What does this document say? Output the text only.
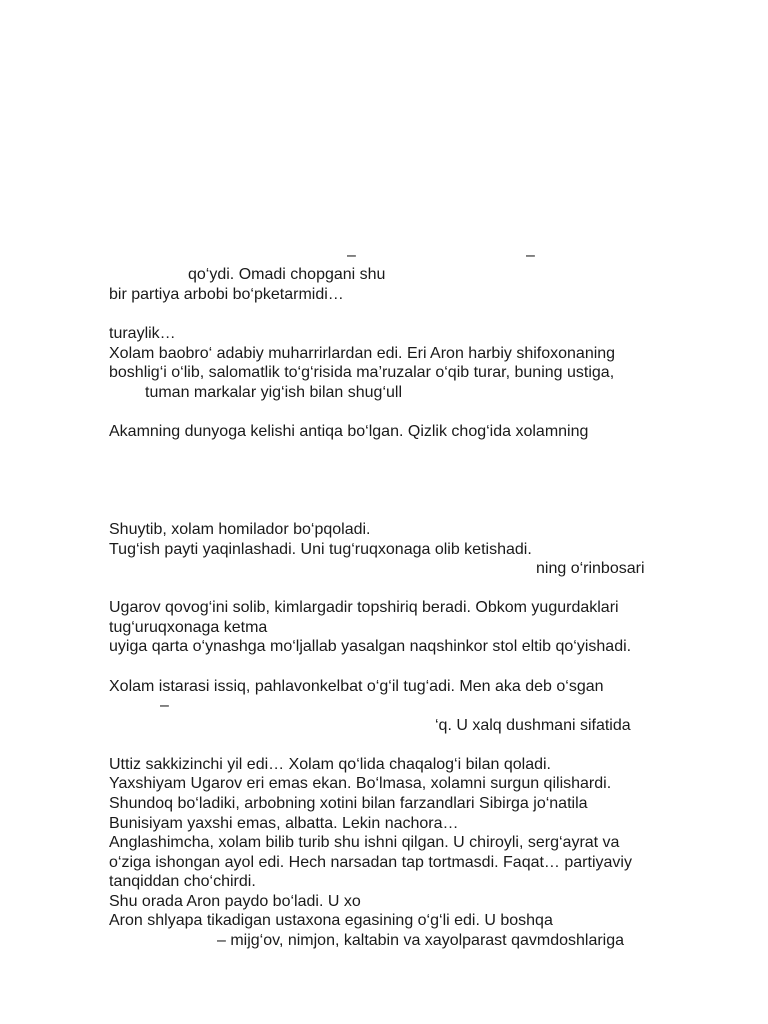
–	–
qo‘ydi. Omadi chopgani shu
bir partiya arbobi bo‘pketarmidi…
turaylik…
Xolam baobro‘ adabiy muharrirlardan edi. Eri Aron harbiy shifoxonaning
boshlig‘i o‘lib, salomatlik to‘g‘risida ma’ruzalar o‘qib turar, buning ustiga,
tuman markalar yig‘ish bilan shug‘ull
Akamning dunyoga kelishi antiqa bo‘lgan. Qizlik chog‘ida xolamning
Shuytib, xolam homilador bo‘pqoladi.
Tug‘ish payti yaqinlashadi. Uni tug‘ruqxonaga olib ketishadi.
ning o‘rinbosari
Ugarov qovog‘ini solib, kimlargadir topshiriq beradi. Obkom yugurdaklari
tug‘uruqxonaga ketma
uyiga qarta o‘ynashga mo‘ljallab yasalgan naqshinkor stol eltib qo‘yishadi.
Xolam istarasi issiq, pahlavonkelbat o‘g‘il tug‘adi. Men aka deb o‘sgan
–
‘q. U xalq dushmani sifatida
Uttiz sakkizinchi yil edi… Xolam qo‘lida chaqalog‘i bilan qoladi.
Yaxshiyam Ugarov eri emas ekan. Bo‘lmasa, xolamni surgun qilishardi.
Shundoq bo‘ladiki, arbobning xotini bilan farzandlari Sibirga jo‘natila
Bunisiyam yaxshi emas, albatta. Lekin nachora…
Anglashimcha, xolam bilib turib shu ishni qilgan. U chiroyli, serg‘ayrat va
o‘ziga ishongan ayol edi. Hech narsadan tap tortmasdi. Faqat… partiyaviy
tanqiddan cho‘chirdi.
Shu orada Aron paydo bo‘ladi. U xo
Aron shlyapa tikadigan ustaxona egasining o‘g‘li edi. U boshqa
– mijg‘ov, nimjon, kaltabin va xayolparast qavmdoshlariga
